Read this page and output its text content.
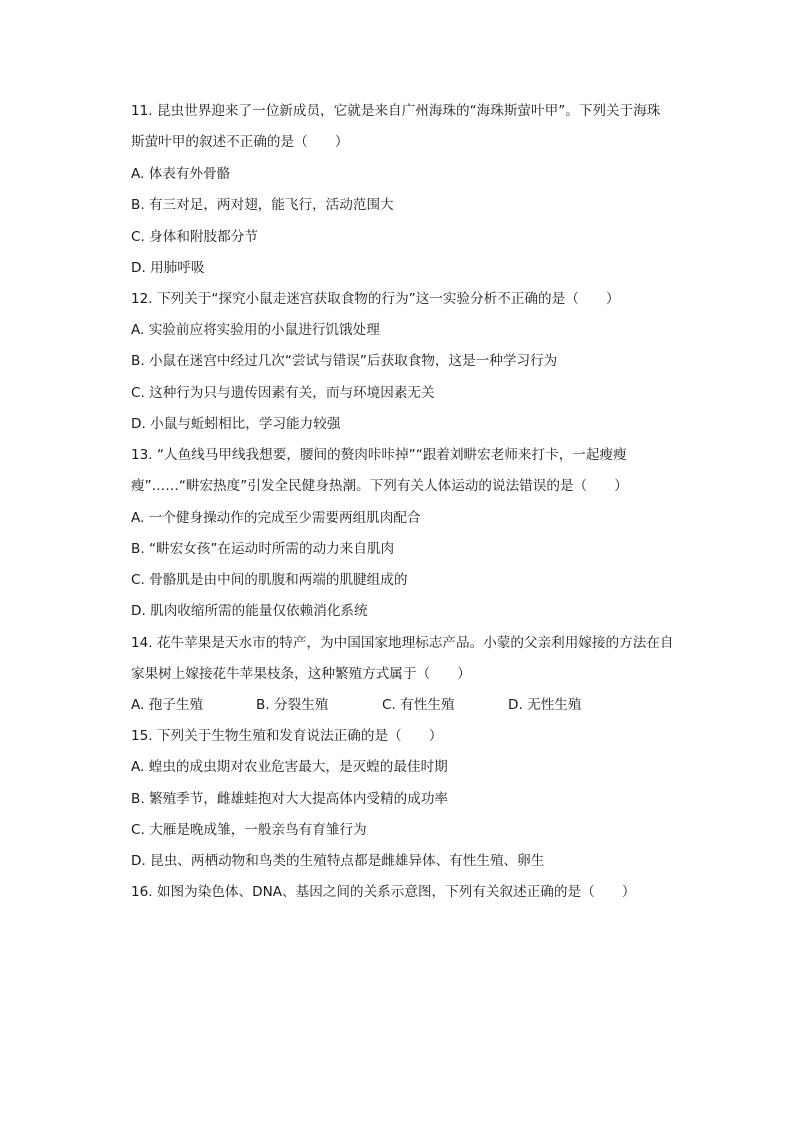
11. 昆虫世界迎来了一位新成员，它就是来自广州海珠的“海珠斯萤叶甲”。下列关于海珠
斯萤叶甲的叙述不正确的是（　　）
A. 体表有外骨骼
B. 有三对足，两对翅，能飞行，活动范围大
C. 身体和附肢都分节
D. 用肺呼吸
12. 下列关于“探究小鼠走迷宫获取食物的行为”这一实验分析不正确的是（　　）
A. 实验前应将实验用的小鼠进行饥饿处理
B. 小鼠在迷宫中经过几次“尝试与错误”后获取食物，这是一种学习行为
C. 这种行为只与遗传因素有关，而与环境因素无关
D. 小鼠与蚯蚓相比，学习能力较强
13. “人鱼线马甲线我想要，腰间的赘肉咔咔掉”“跟着刘畊宏老师来打卡，一起瘦瘦
瘦”……“畊宏热度”引发全民健身热潮。下列有关人体运动的说法错误的是（　　）
A. 一个健身操动作的完成至少需要两组肌肉配合
B. “畊宏女孩”在运动时所需的动力来自肌肉
C. 骨骼肌是由中间的肌腹和两端的肌腱组成的
D. 肌肉收缩所需的能量仅依赖消化系统
14. 花牛苹果是天水市的特产，为中国国家地理标志产品。小蒙的父亲利用嫁接的方法在自
家果树上嫁接花牛苹果枝条，这种繁殖方式属于（　　）
A. 孢子生殖	B. 分裂生殖	C. 有性生殖	D. 无性生殖
15. 下列关于生物生殖和发育说法正确的是（　　）
A. 蝗虫的成虫期对农业危害最大，是灭蝗的最佳时期
B. 繁殖季节，雌雄蛙抱对大大提高体内受精的成功率
C. 大雁是晚成雏，一般亲鸟有育雏行为
D. 昆虫、两栖动物和鸟类的生殖特点都是雌雄异体、有性生殖、卵生
16. 如图为染色体、DNA、基因之间的关系示意图，下列有关叙述正确的是（　　）
